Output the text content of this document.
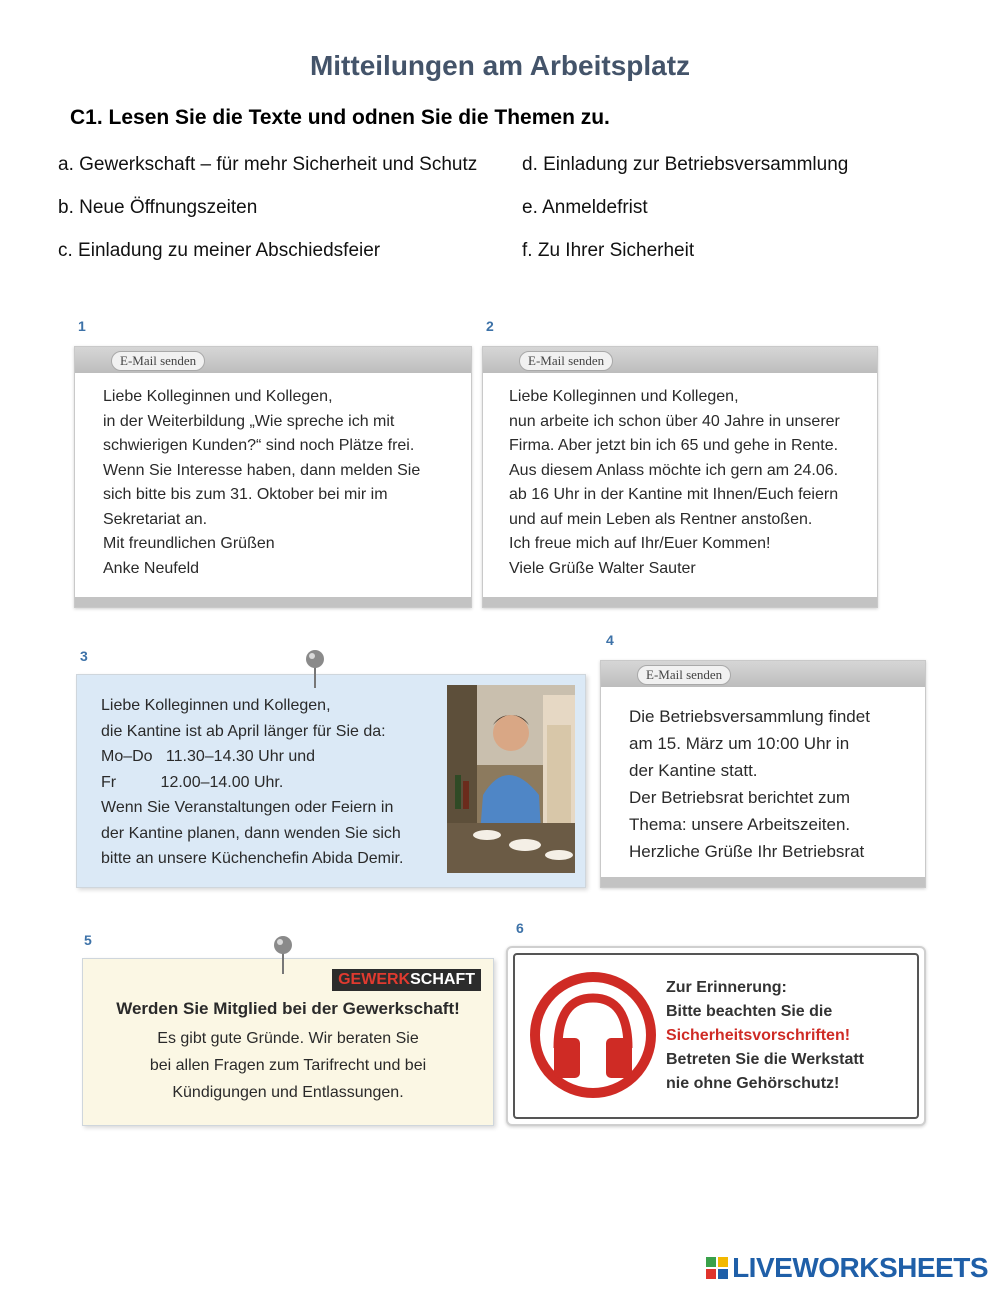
Mitteilungen am Arbeitsplatz
C1. Lesen Sie die Texte und odnen Sie die Themen zu.
a. Gewerkschaft – für mehr Sicherheit und Schutz
b. Neue Öffnungszeiten
c. Einladung zu meiner Abschiedsfeier
d. Einladung zur Betriebsversammlung
e. Anmeldefrist
f. Zu Ihrer Sicherheit
1
E-Mail senden
Liebe Kolleginnen und Kollegen,
in der Weiterbildung „Wie spreche ich mit
schwierigen Kunden?“ sind noch Plätze frei.
Wenn Sie Interesse haben, dann melden Sie
sich bitte bis zum 31. Oktober bei mir im
Sekretariat an.
Mit freundlichen Grüßen
Anke Neufeld
2
E-Mail senden
Liebe Kolleginnen und Kollegen,
nun arbeite ich schon über 40 Jahre in unserer
Firma. Aber jetzt bin ich 65 und gehe in Rente.
Aus diesem Anlass möchte ich gern am 24.06.
ab 16 Uhr in der Kantine mit Ihnen/Euch feiern
und auf mein Leben als Rentner anstoßen.
Ich freue mich auf Ihr/Euer Kommen!
Viele Grüße Walter Sauter
3
Liebe Kolleginnen und Kollegen,
die Kantine ist ab April länger für Sie da:
Mo–Do   11.30–14.30 Uhr und
Fr          12.00–14.00 Uhr.
Wenn Sie Veranstaltungen oder Feiern in
der Kantine planen, dann wenden Sie sich
bitte an unsere Küchenchefin Abida Demir.
4
E-Mail senden
Die Betriebsversammlung findet
am 15. März um 10:00 Uhr in
der Kantine statt.
Der Betriebsrat berichtet zum
Thema: unsere Arbeitszeiten.
Herzliche Grüße Ihr Betriebsrat
5
GEWERKSCHAFT
Werden Sie Mitglied bei der Gewerkschaft!
Es gibt gute Gründe. Wir beraten Sie
bei allen Fragen zum Tarifrecht und bei
Kündigungen und Entlassungen.
6
Zur Erinnerung:
Bitte beachten Sie die
Sicherheitsvorschriften!
Betreten Sie die Werkstatt
nie ohne Gehörschutz!
LIVEWORKSHEETS
